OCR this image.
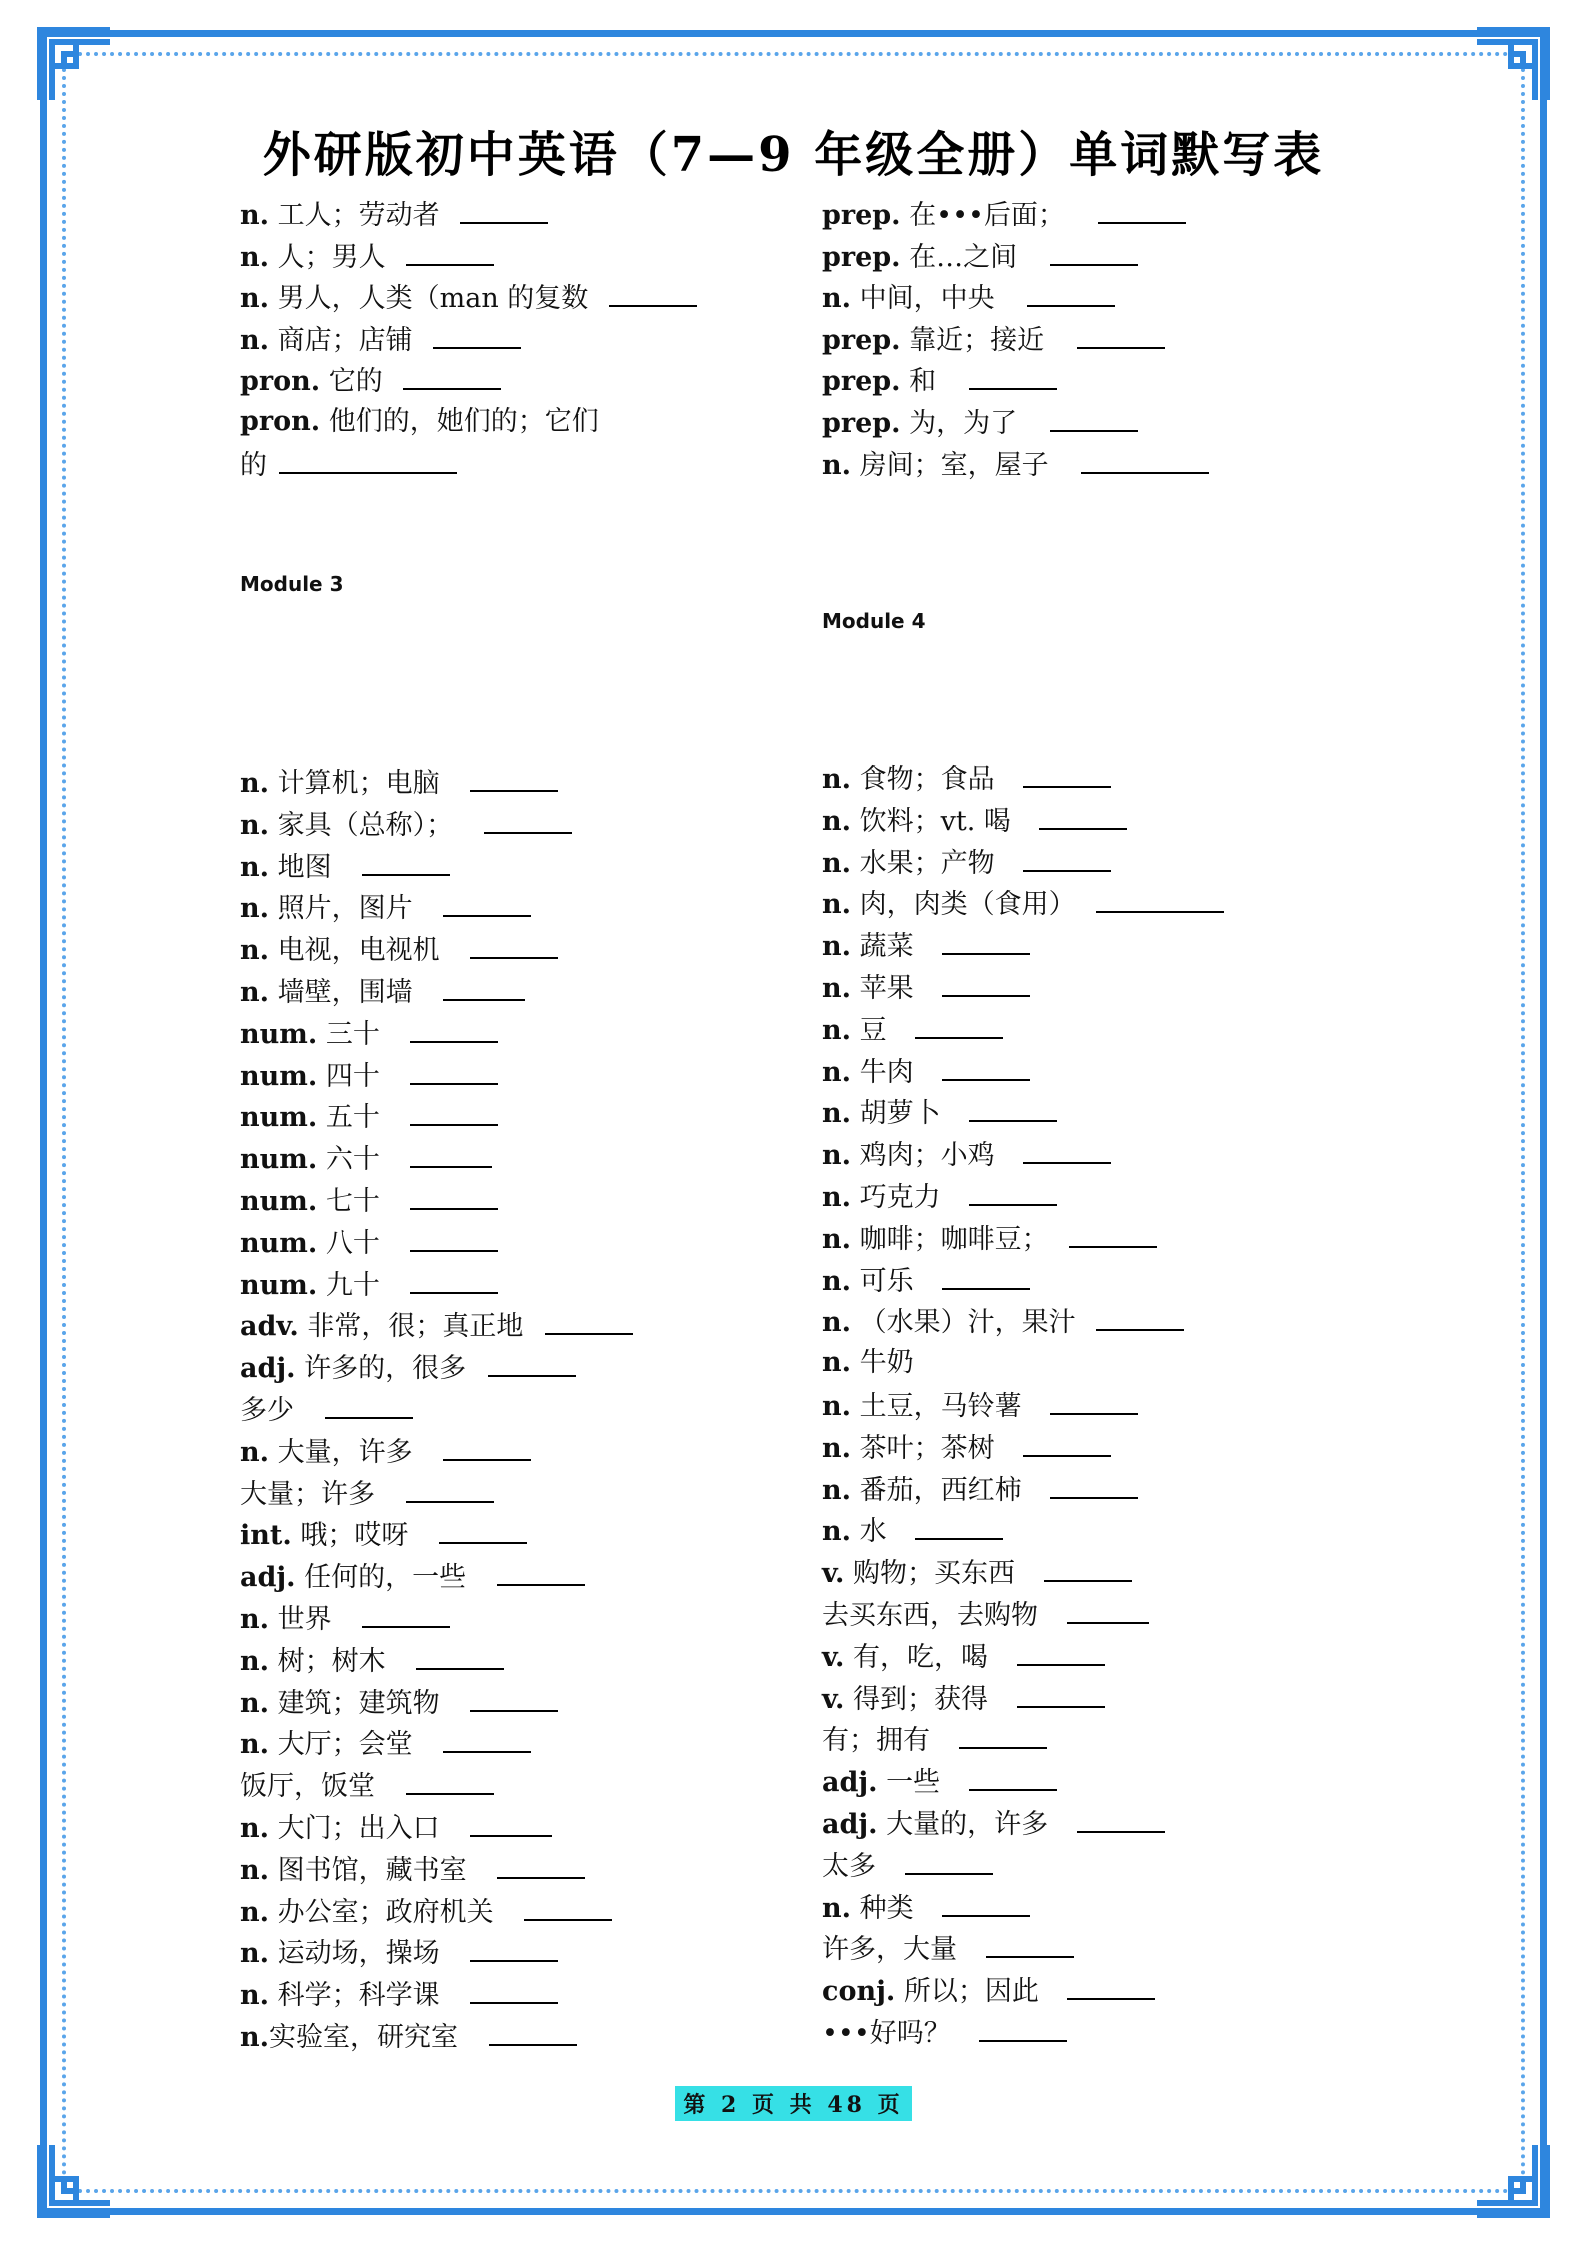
外研版初中英语（7—9 年级全册）单词默写表
n. 工人；劳动者
n. 人；男人
n. 男人，人类（man 的复数
n. 商店；店铺
pron. 它的
pron. 他们的，她们的；它们
的
n. 计算机；电脑
n. 家具（总称）；
n. 地图
n. 照片，图片
n. 电视，电视机
n. 墙壁，围墙
num. 三十
num. 四十
num. 五十
num. 六十
num. 七十
num. 八十
num. 九十
adv. 非常，很；真正地
adj. 许多的，很多
多少
n. 大量，许多
大量；许多
int. 哦；哎呀
adj. 任何的，一些
n. 世界
n. 树；树木
n. 建筑；建筑物
n. 大厅；会堂
饭厅，饭堂
n. 大门；出入口
n. 图书馆，藏书室
n. 办公室；政府机关
n. 运动场，操场
n. 科学；科学课
n.实验室，研究室
prep. 在•••后面；
prep. 在…之间
n. 中间，中央
prep. 靠近；接近
prep. 和
prep. 为，为了
n. 房间；室，屋子
n. 食物；食品
n. 饮料；vt. 喝
n. 水果；产物
n. 肉，肉类（食用）
n. 蔬菜
n. 苹果
n. 豆
n. 牛肉
n. 胡萝卜
n. 鸡肉；小鸡
n. 巧克力
n. 咖啡；咖啡豆；
n. 可乐
n. （水果）汁，果汁
n. 牛奶
n. 土豆，马铃薯
n. 茶叶；茶树
n. 番茄，西红柿
n. 水
v. 购物；买东西
去买东西，去购物
v. 有，吃，喝
v. 得到；获得
有；拥有
adj. 一些
adj. 大量的，许多
太多
n. 种类
许多，大量
conj. 所以；因此
•••好吗？
Module 3
Module 4
第 2 页 共 48 页
